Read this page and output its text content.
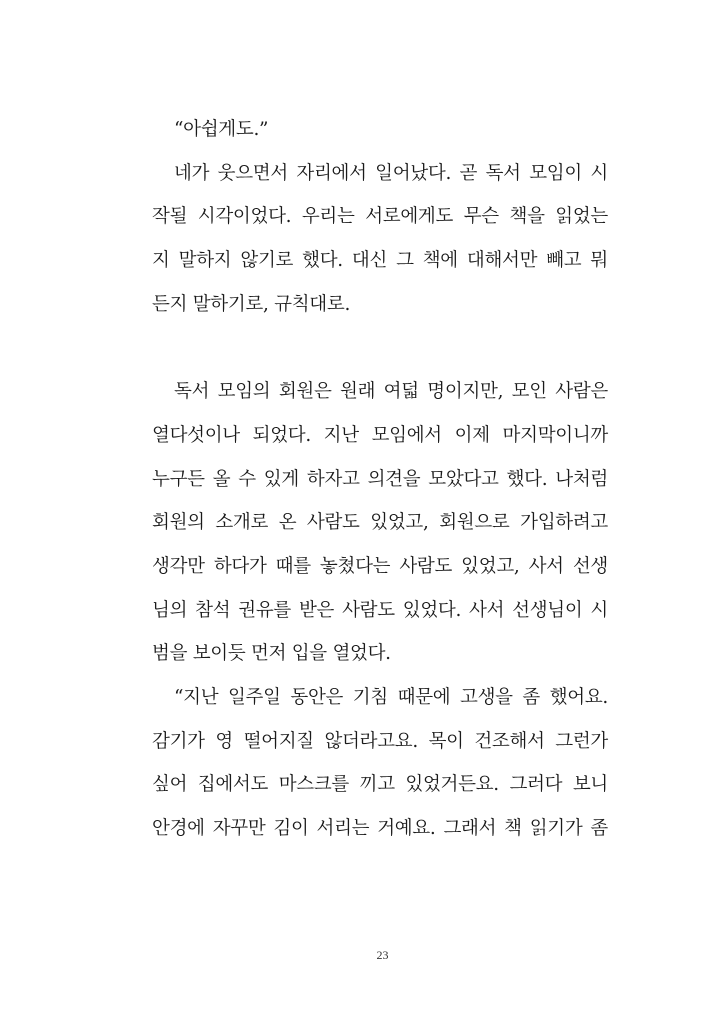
“아쉽게도.”
네가 웃으면서 자리에서 일어났다. 곧 독서 모임이 시
작될 시각이었다. 우리는 서로에게도 무슨 책을 읽었는
지 말하지 않기로 했다. 대신 그 책에 대해서만 빼고 뭐
든지 말하기로, 규칙대로.
독서 모임의 회원은 원래 여덟 명이지만, 모인 사람은
열다섯이나 되었다. 지난 모임에서 이제 마지막이니까
누구든 올 수 있게 하자고 의견을 모았다고 했다. 나처럼
회원의 소개로 온 사람도 있었고, 회원으로 가입하려고
생각만 하다가 때를 놓쳤다는 사람도 있었고, 사서 선생
님의 참석 권유를 받은 사람도 있었다. 사서 선생님이 시
범을 보이듯 먼저 입을 열었다.
“지난 일주일 동안은 기침 때문에 고생을 좀 했어요.
감기가 영 떨어지질 않더라고요. 목이 건조해서 그런가
싶어 집에서도 마스크를 끼고 있었거든요. 그러다 보니
안경에 자꾸만 김이 서리는 거예요. 그래서 책 읽기가 좀
23
